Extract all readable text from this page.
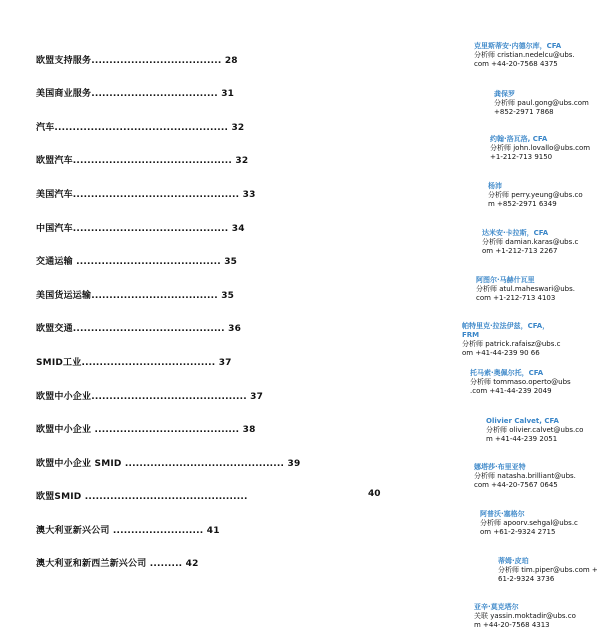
欧盟支持服务.................................... 28
美国商业服务................................... 31
汽车................................................ 32
欧盟汽车............................................ 32
美国汽车.............................................. 33
中国汽车........................................... 34
交通运输 ........................................ 35
美国货运运输................................... 35
欧盟交通.......................................... 36
SMID工业..................................... 37
欧盟中小企业........................................... 37
欧盟中小企业 ........................................ 38
欧盟中小企业 SMID ............................................ 39
欧盟SMID .............................................
澳大利亚新兴公司 ......................... 41
澳大利亚和新西兰新兴公司 ......... 42
40
克里斯蒂安·内德尔库，CFA
分析师 cristian.nedelcu@ubs.
com +44-20-7568 4375
龚保罗
分析师 paul.gong@ubs.com
+852-2971 7868
约翰·洛瓦洛, CFA
分析师 john.lovallo@ubs.com
+1-212-713 9150
杨沛
分析师 perry.yeung@ubs.co
m +852-2971 6349
达米安·卡拉斯，CFA
分析师 damian.karas@ubs.c
om +1-212-713 2267
阿图尔·马赫什瓦里
分析师 atul.maheswari@ubs.
com +1-212-713 4103
帕特里克·拉法伊兹，CFA，
FRM
分析师 patrick.rafaisz@ubs.c
om +41-44-239 90 66
托马索·奥佩尔托，CFA
分析师 tommaso.operto@ubs
.com +41-44-239 2049
Olivier Calvet, CFA
分析师 olivier.calvet@ubs.co
m +41-44-239 2051
娜塔莎·布里亚特
分析师 natasha.brilliant@ubs.
com +44-20-7567 0645
阿普沃·塞格尔
分析师 apoorv.sehgal@ubs.c
om +61-2-9324 2715
蒂姆·皮珀
分析师 tim.piper@ubs.com +
61-2-9324 3736
亚辛·莫克塔尔
关联 yassin.moktadir@ubs.co
m +44-20-7568 4313
